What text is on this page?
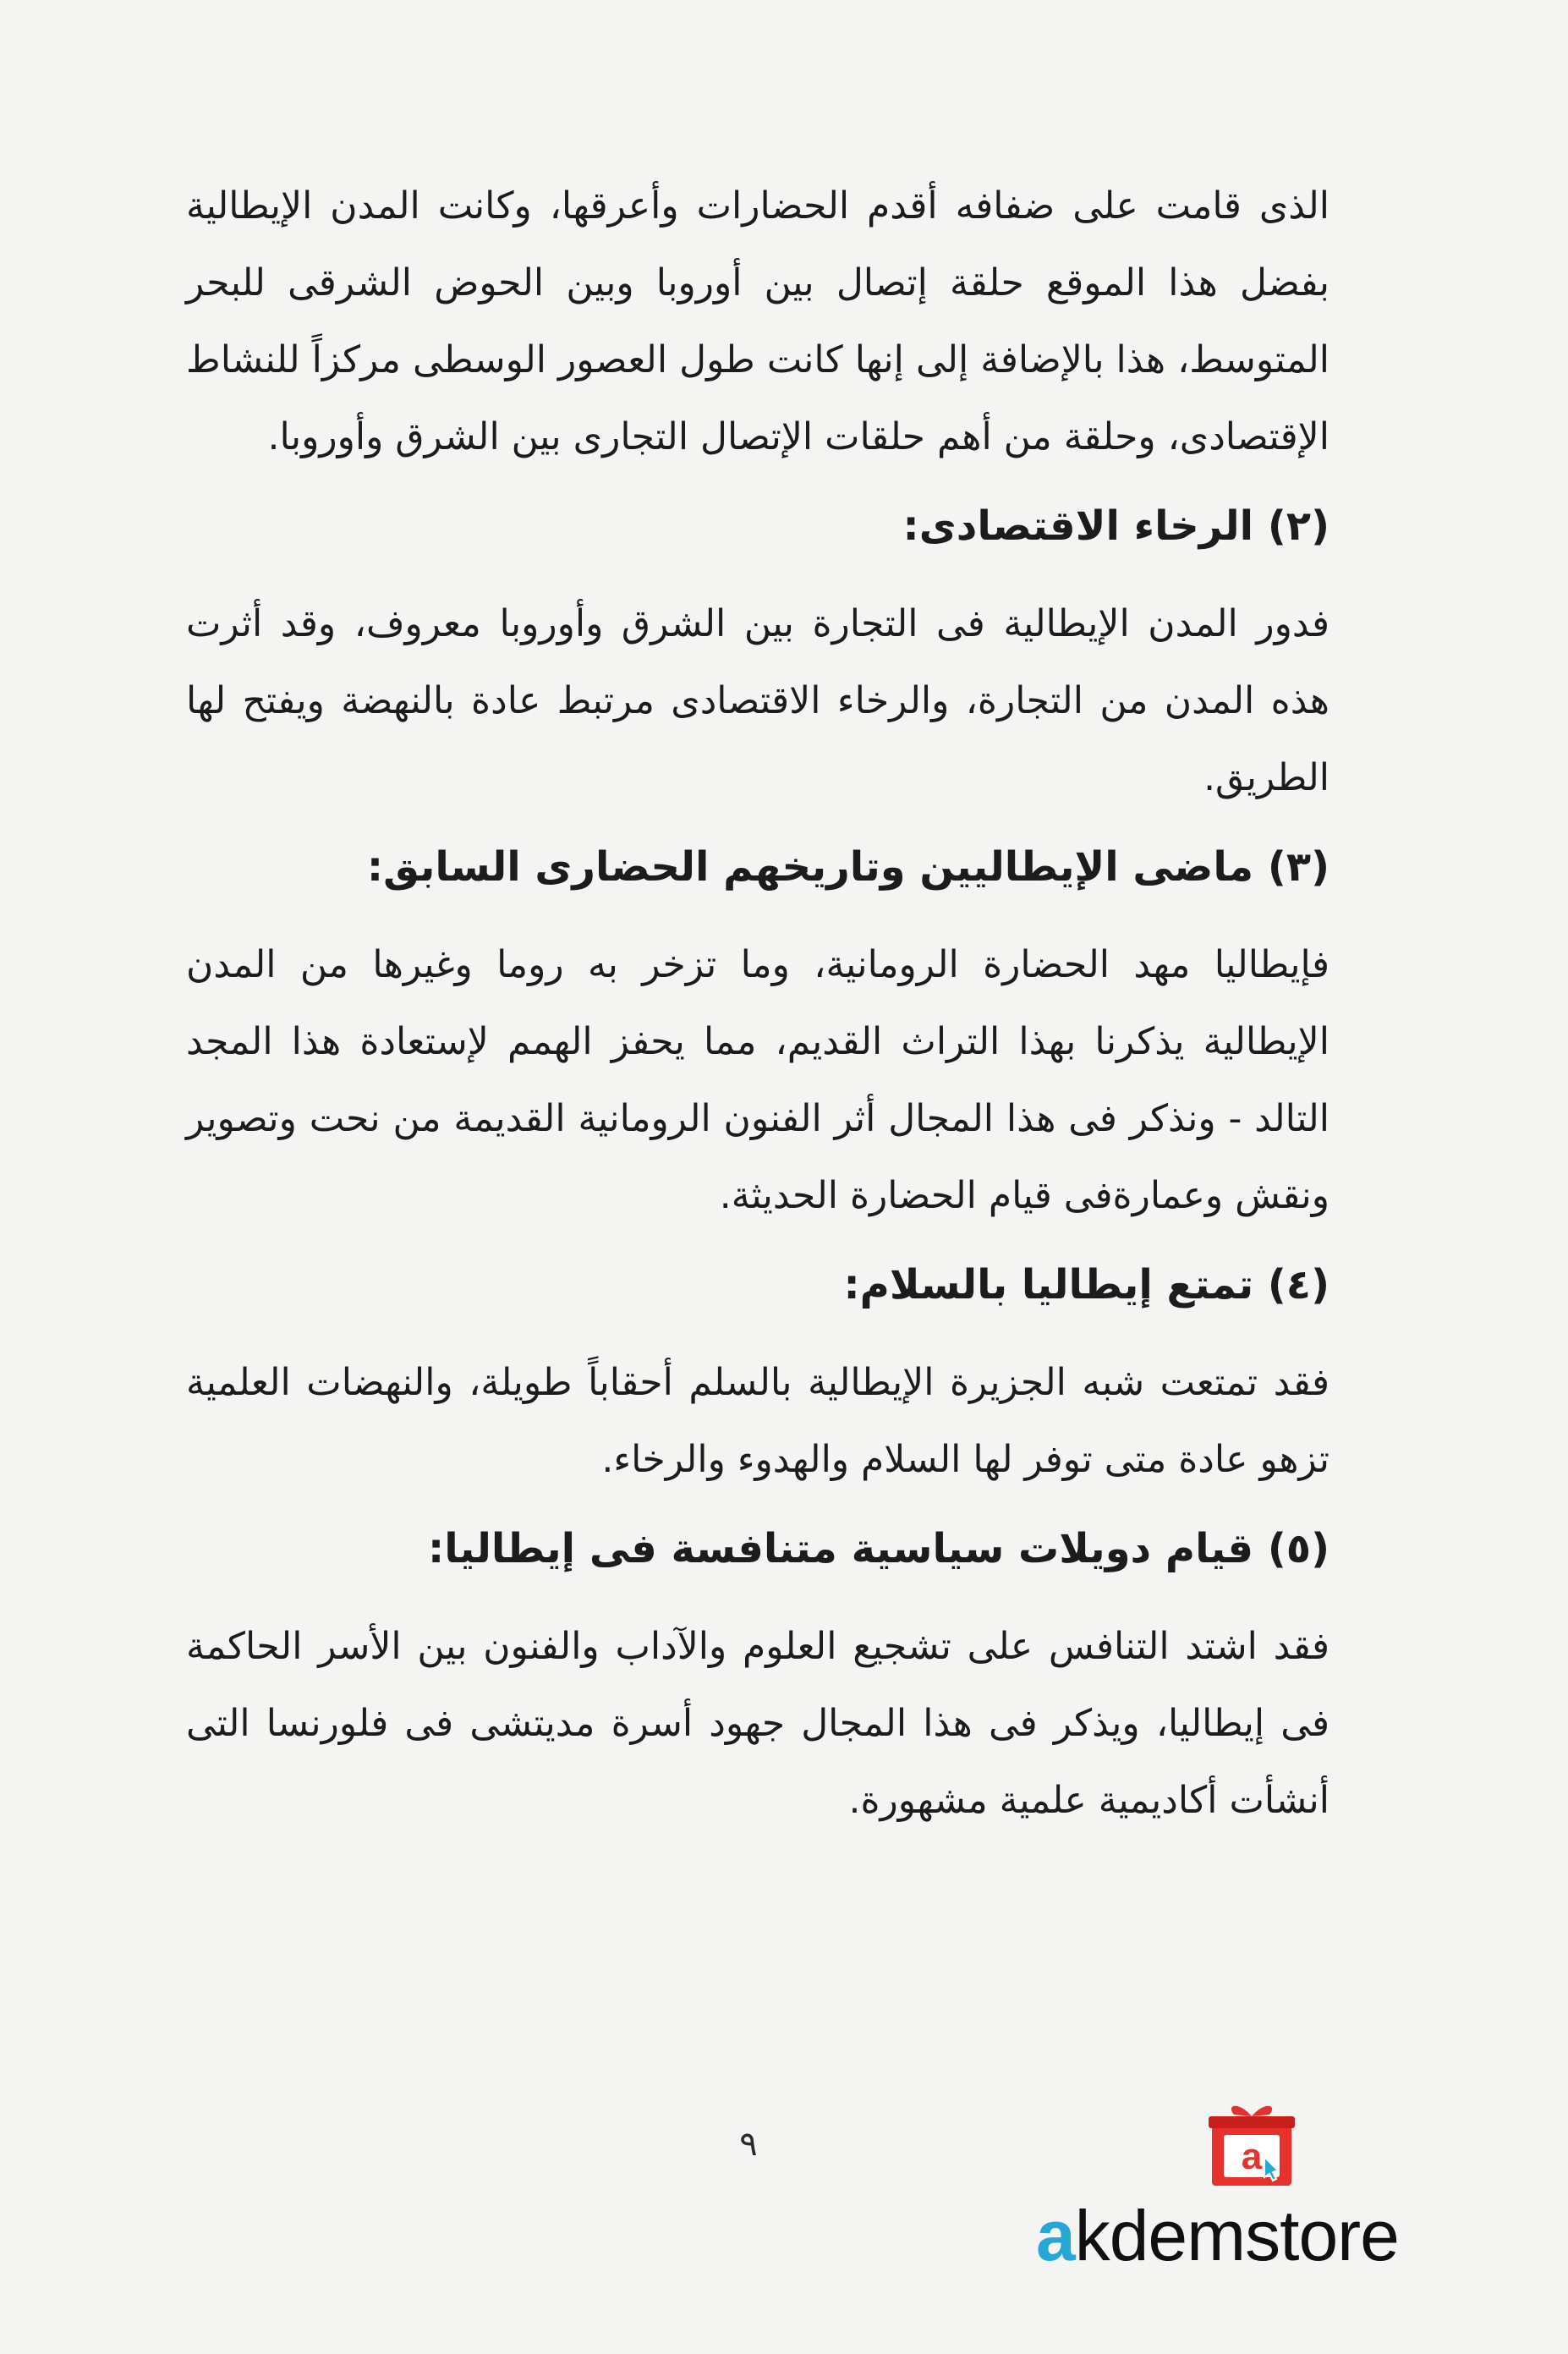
الذى قامت على ضفافه أقدم الحضارات وأعرقها، وكانت المدن الإيطالية بفضل هذا الموقع حلقة إتصال بين أوروبا وبين الحوض الشرقى للبحر المتوسط، هذا بالإضافة إلى إنها كانت طول العصور الوسطى مركزاً للنشاط الإقتصادى، وحلقة من أهم حلقات الإتصال التجارى بين الشرق وأوروبا.

(٢) الرخاء الاقتصادى:

فدور المدن الإيطالية فى التجارة بين الشرق وأوروبا معروف، وقد أثرت هذه المدن من التجارة، والرخاء الاقتصادى مرتبط عادة بالنهضة ويفتح لها الطريق.

(٣) ماضى الإيطاليين وتاريخهم الحضارى السابق:

فإيطاليا مهد الحضارة الرومانية، وما تزخر به روما وغيرها من المدن الإيطالية يذكرنا بهذا التراث القديم، مما يحفز الهمم لإستعادة هذا المجد التالد - ونذكر فى هذا المجال أثر الفنون الرومانية القديمة من نحت وتصوير ونقش وعمارةفى قيام الحضارة الحديثة.

(٤) تمتع إيطاليا بالسلام:

فقد تمتعت شبه الجزيرة الإيطالية بالسلم أحقاباً طويلة، والنهضات العلمية تزهو عادة متى توفر لها السلام والهدوء والرخاء.

(٥) قيام دويلات سياسية متنافسة فى إيطاليا:

فقد اشتد التنافس على تشجيع العلوم والآداب والفنون بين الأسر الحاكمة فى إيطاليا، ويذكر فى هذا المجال جهود أسرة مديتشى فى فلورنسا التى أنشأت أكاديمية علمية مشهورة.

٩	a
akdemstore
